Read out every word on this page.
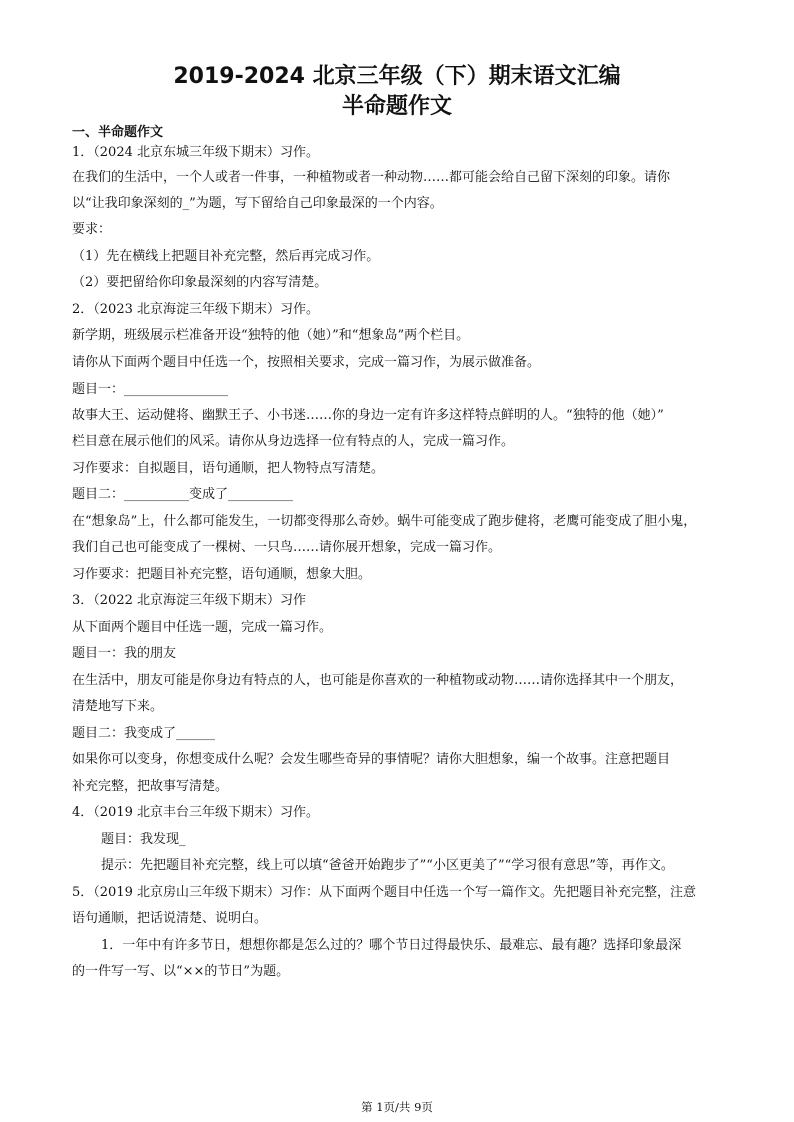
2019-2024 北京三年级（下）期末语文汇编
半命题作文
一、半命题作文
1．（2024 北京东城三年级下期末）习作。
在我们的生活中，一个人或者一件事，一种植物或者一种动物……都可能会给自己留下深刻的印象。请你
以“让我印象深刻的_”为题，写下留给自己印象最深的一个内容。
要求：
（1）先在横线上把题目补充完整，然后再完成习作。
（2）要把留给你印象最深刻的内容写清楚。
2．（2023 北京海淀三年级下期末）习作。
新学期，班级展示栏准备开设“独特的他（她）”和“想象岛”两个栏目。
请你从下面两个题目中任选一个，按照相关要求，完成一篇习作，为展示做准备。
题目一：________________
故事大王、运动健将、幽默王子、小书迷……你的身边一定有许多这样特点鲜明的人。“独特的他（她）”
栏目意在展示他们的风采。请你从身边选择一位有特点的人，完成一篇习作。
习作要求：自拟题目，语句通顺，把人物特点写清楚。
题目二：__________变成了__________
在“想象岛”上，什么都可能发生，一切都变得那么奇妙。蜗牛可能变成了跑步健将，老鹰可能变成了胆小鬼，
我们自己也可能变成了一棵树、一只鸟……请你展开想象，完成一篇习作。
习作要求：把题目补充完整，语句通顺，想象大胆。
3．（2022 北京海淀三年级下期末）习作
从下面两个题目中任选一题，完成一篇习作。
题目一：我的朋友
在生活中，朋友可能是你身边有特点的人，也可能是你喜欢的一种植物或动物……请你选择其中一个朋友，
清楚地写下来。
题目二：我变成了______
如果你可以变身，你想变成什么呢？会发生哪些奇异的事情呢？请你大胆想象，编一个故事。注意把题目
补充完整，把故事写清楚。
4．（2019 北京丰台三年级下期末）习作。
题目：我发现_
提示：先把题目补充完整，线上可以填“爸爸开始跑步了”“小区更美了”“学习很有意思”等，再作文。
5．（2019 北京房山三年级下期末）习作：从下面两个题目中任选一个写一篇作文。先把题目补充完整，注意
语句通顺，把话说清楚、说明白。
1．一年中有许多节日，想想你都是怎么过的？哪个节日过得最快乐、最难忘、最有趣？选择印象最深
的一件写一写、以“××的节日”为题。
第 1页/共 9页
